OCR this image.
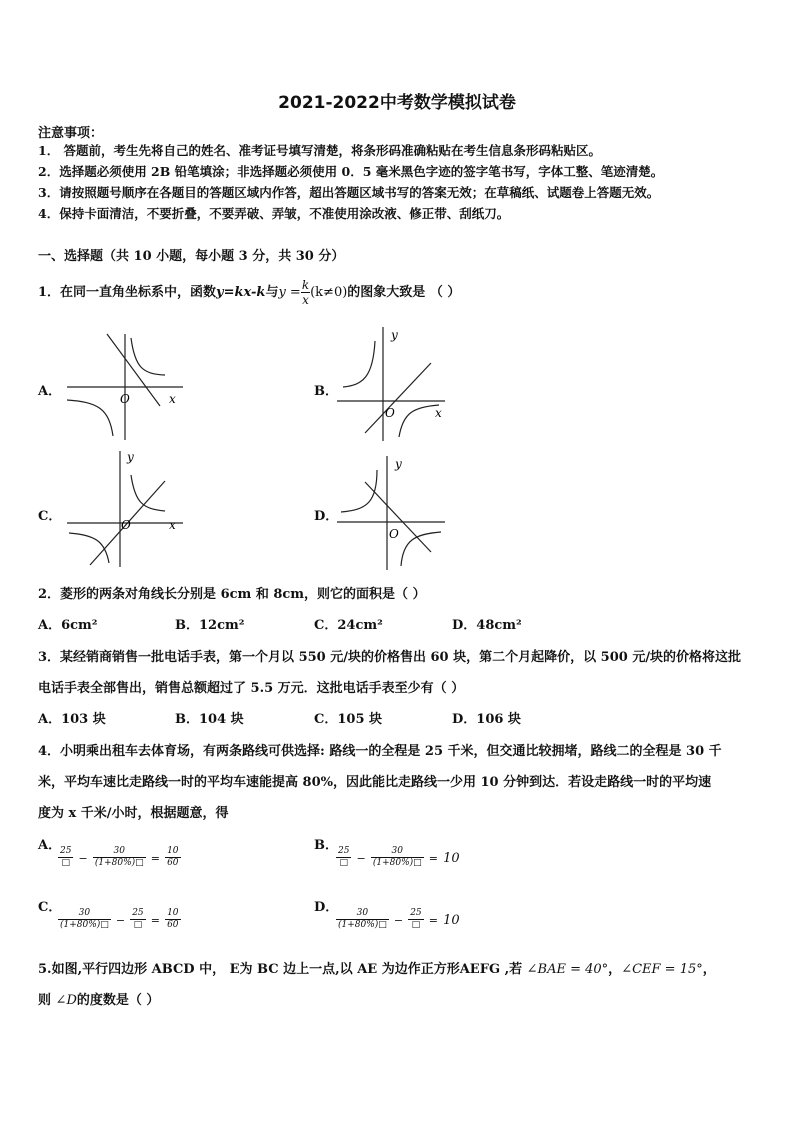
2021-2022中考数学模拟试卷
注意事项：
1． 答题前，考生先将自己的姓名、准考证号填写清楚，将条形码准确粘贴在考生信息条形码粘贴区。
2．选择题必须使用 2B 铅笔填涂；非选择题必须使用 0．5 毫米黑色字迹的签字笔书写，字体工整、笔迹清楚。
3．请按照题号顺序在各题目的答题区域内作答，超出答题区域书写的答案无效；在草稿纸、试题卷上答题无效。
4．保持卡面清洁，不要折叠，不要弄破、弄皱，不准使用涂改液、修正带、刮纸刀。
一、选择题（共 10 小题，每小题 3 分，共 30 分）
1．在同一直角坐标系中，函数y=kx-k与$y = \frac{k}{x} (k\ne 0)$的图象大致是 （ ）
A．	B．
C．	D．
O	x
y
O	x
y
O	x
y
O
2．菱形的两条对角线长分别是 6cm 和 8cm，则它的面积是（ ）
A．6cm²	B．12cm²	C．24cm²	D．48cm²
3．某经销商销售一批电话手表，第一个月以 550 元/块的价格售出 60 块，第二个月起降价，以 500 元/块的价格将这批
电话手表全部售出，销售总额超过了 5.5 万元．这批电话手表至少有（ ）
A．103 块	B．104 块	C．105 块	D．106 块
4．小明乘出租车去体育场，有两条路线可供选择: 路线一的全程是 25 千米，但交通比较拥堵，路线二的全程是 30 千
米，平均车速比走路线一时的平均车速能提高 80%，因此能比走路线一少用 10 分钟到达．若设走路线一时的平均速
度为 x 千米/小时，根据题意，得
A．
$\frac{25}{□} - \frac{30}{(1+80\%)□} = \frac{10}{60}$
B．
$\frac{25}{□} - \frac{30}{(1+80\%)□} = 10$
C．
$\frac{30}{(1+80\%)□} - \frac{25}{□} = \frac{10}{60}$
D．
$\frac{30}{(1+80\%)□} - \frac{25}{□} = 10$
5.如图,平行四边形 ABCD 中， E为 BC 边上一点,以 AE 为边作正方形AEFG ,若 ∠BAE = 40°，∠CEF = 15°，
则 ∠D的度数是（ ）
